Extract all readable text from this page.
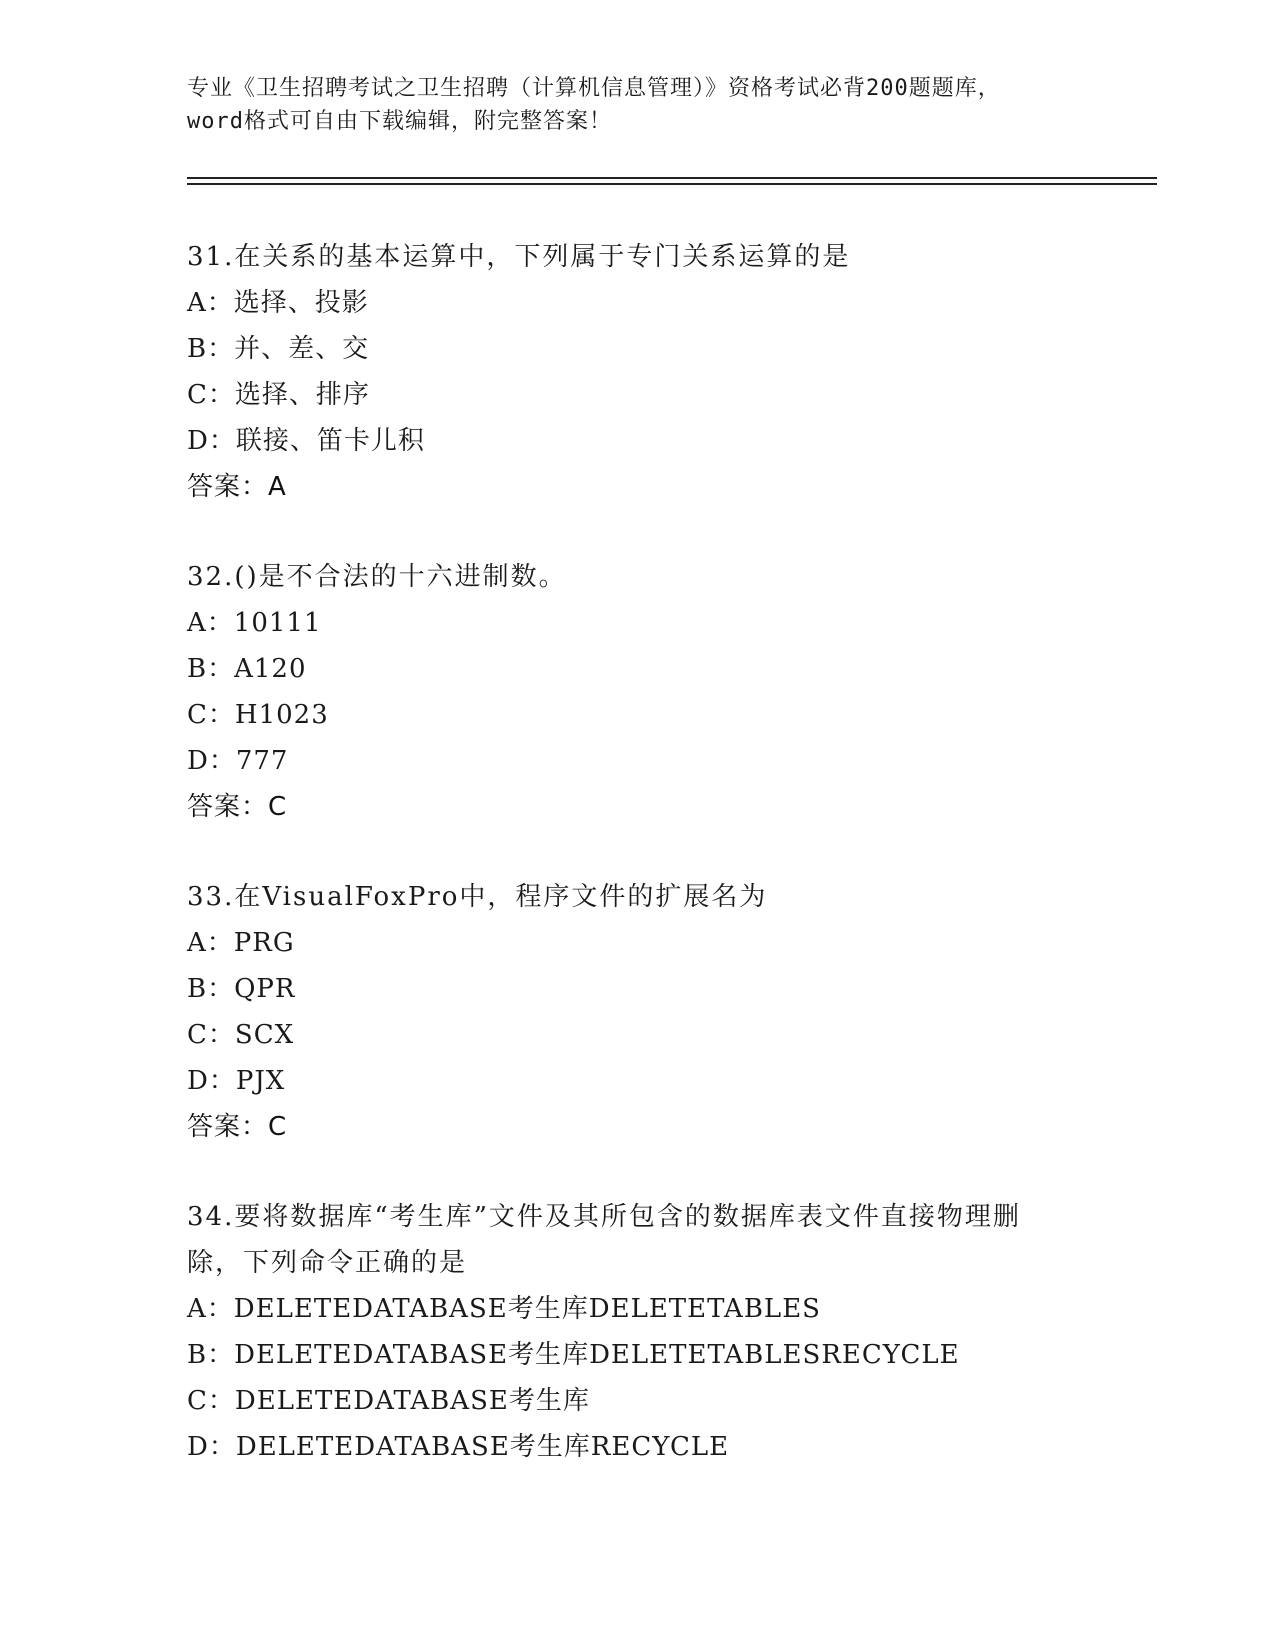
专业《卫生招聘考试之卫生招聘（计算机信息管理）》资格考试必背200题题库，
word格式可自由下载编辑，附完整答案！
31.在关系的基本运算中，下列属于专门关系运算的是
A：选择、投影
B：并、差、交
C：选择、排序
D：联接、笛卡儿积
答案：A
32.()是不合法的十六进制数。
A：10111
B：A120
C：H1023
D：777
答案：C
33.在VisualFoxPro中，程序文件的扩展名为
A：PRG
B：QPR
C：SCX
D：PJX
答案：C
34.要将数据库“考生库”文件及其所包含的数据库表文件直接物理删
除，下列命令正确的是
A：DELETEDATABASE考生库DELETETABLES
B：DELETEDATABASE考生库DELETETABLESRECYCLE
C：DELETEDATABASE考生库
D：DELETEDATABASE考生库RECYCLE
